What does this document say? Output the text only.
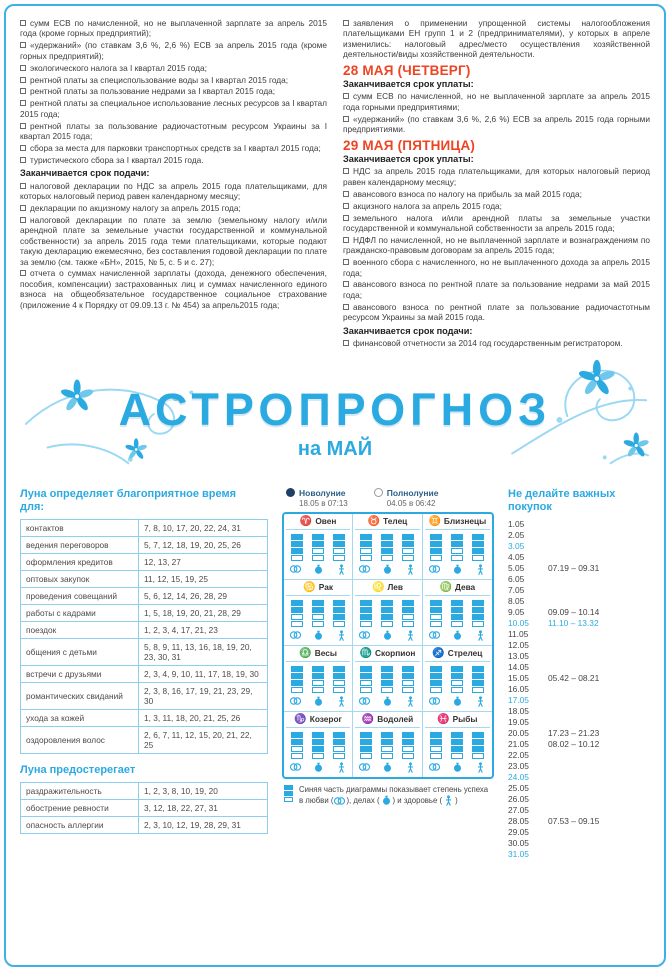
сумм ЕСВ по начисленной, но не выплаченной зарплате за апрель 2015 года (кроме горных предприятий);
«удержаний» (по ставкам 3,6 %, 2,6 %) ЕСВ за апрель 2015 года (кроме горных предприятий);
экологического налога за I квартал 2015 года;
рентной платы за специспользование воды за I квартал 2015 года;
рентной платы за пользование недрами за I квартал 2015 года;
рентной платы за специальное использование лесных ресурсов за I квартал 2015 года;
рентной платы за пользование радиочастотным ресурсом Украины за I квартал 2015 года;
сбора за места для парковки транспортных средств за I квартал 2015 года;
туристического сбора за I квартал 2015 года.
Заканчивается срок подачи:
налоговой декларации по НДС за апрель 2015 года плательщиками, для которых налоговый период равен календарному месяцу;
декларации по акцизному налогу за апрель 2015 года;
налоговой декларации по плате за землю (земельному налогу и/или арендной плате за земельные участки государственной и коммунальной собственности) за апрель 2015 года теми плательщиками, которые подают такую декларацию ежемесячно, без составления годовой декларации по плате за землю (см. также «БН», 2015, № 5, с. 5 и с. 27);
отчета о суммах начисленной зарплаты (дохода, денежного обеспечения, пособия, компенсации) застрахованных лиц и суммах начисленного единого взноса на общеобязательное государственное социальное страхование (приложение 4 к Порядку от 09.09.13 г. № 454) за апрель2015 года;
заявления о применении упрощенной системы налогообложения плательщиками ЕН групп 1 и 2 (предпринимателями), у которых в апреле изменились: налоговый адрес/место осуществления хозяйственной деятельности/виды хозяйственной деятельности.
28 МАЯ (ЧЕТВЕРГ)
Заканчивается срок уплаты:
сумм ЕСВ по начисленной, но не выплаченной зарплате за апрель 2015 года горными предприятиями;
«удержаний» (по ставкам 3,6 %, 2,6 %) ЕСВ за апрель 2015 года горными предприятиями.
29 МАЯ (ПЯТНИЦА)
Заканчивается срок уплаты:
НДС за апрель 2015 года плательщиками, для которых налоговый период равен календарному месяцу;
авансового взноса по налогу на прибыль за май 2015 года;
акцизного налога за апрель 2015 года;
земельного налога и/или арендной платы за земельные участки государственной и коммунальной собственности за апрель 2015 года;
НДФЛ по начисленной, но не выплаченной зарплате и вознаграждениям по гражданско-правовым договорам за апрель 2015 года;
военного сбора с начисленного, но не выплаченного дохода за апрель 2015 года;
авансового взноса по рентной плате за пользование недрами за май 2015 года;
авансового взноса по рентной плате за пользование радиочастотным ресурсом Украины за май 2015 года.
Заканчивается срок подачи:
финансовой отчетности за 2014 год государственным регистратором.
АСТРОПРОГНОЗ
на МАЙ
Луна определяет благоприятное время для:
контактов	7, 8, 10, 17, 20, 22, 24, 31
ведения переговоров	5, 7, 12, 18, 19, 20, 25, 26
оформления кредитов	12, 13, 27
оптовых закупок	11, 12, 15, 19, 25
проведения совещаний	5, 6, 12, 14, 26, 28, 29
работы с кадрами	1, 5, 18, 19, 20, 21, 28, 29
поездок	1, 2, 3, 4, 17, 21, 23
общения с детьми	5, 8, 9, 11, 13, 16, 18, 19, 20, 23, 30, 31
встречи с друзьями	2, 3, 4, 9, 10, 11, 17, 18, 19, 30
романтических свиданий	2, 3, 8, 16, 17, 19, 21, 23, 29, 30
ухода за кожей	1, 3, 11, 18, 20, 21, 25, 26
оздоровления волос	2, 6, 7, 11, 12, 15, 20, 21, 22, 25
Луна предостерегает
раздражительность	1, 2, 3, 8, 10, 19, 20
обострение ревности	3, 12, 18, 22, 27, 31
опасность аллергии	2, 3, 10, 12, 19, 28, 29, 31
Новолуние
18.05 в 07:13
Полнолуние
04.05 в 06:42
♈ Овен	♉ Телец ♊ Близнецы
♋ Рак	♌ Лев	♍ Дева
♎ Весы ♏ Скорпион ♐ Стрелец
♑ Козерог ♒ Водолей ♓ Рыбы
Синяя часть диаграммы показывает степень успеха в любви ( ), делах ( ) и здоровье ( )
Не делайте важных покупок
1.05
2.05
3.05
4.05
5.05	07.19 – 09.31
6.05
7.05
8.05
9.05	09.09 – 10.14
10.05	11.10 – 13.32
11.05
12.05
13.05
14.05
15.05	05.42 – 08.21
16.05
17.05
18.05
19.05
20.05	17.23 – 21.23
21.05	08.02 – 10.12
22.05
23.05
24.05
25.05
26.05
27.05
28.05	07.53 – 09.15
29.05
30.05
31.05
